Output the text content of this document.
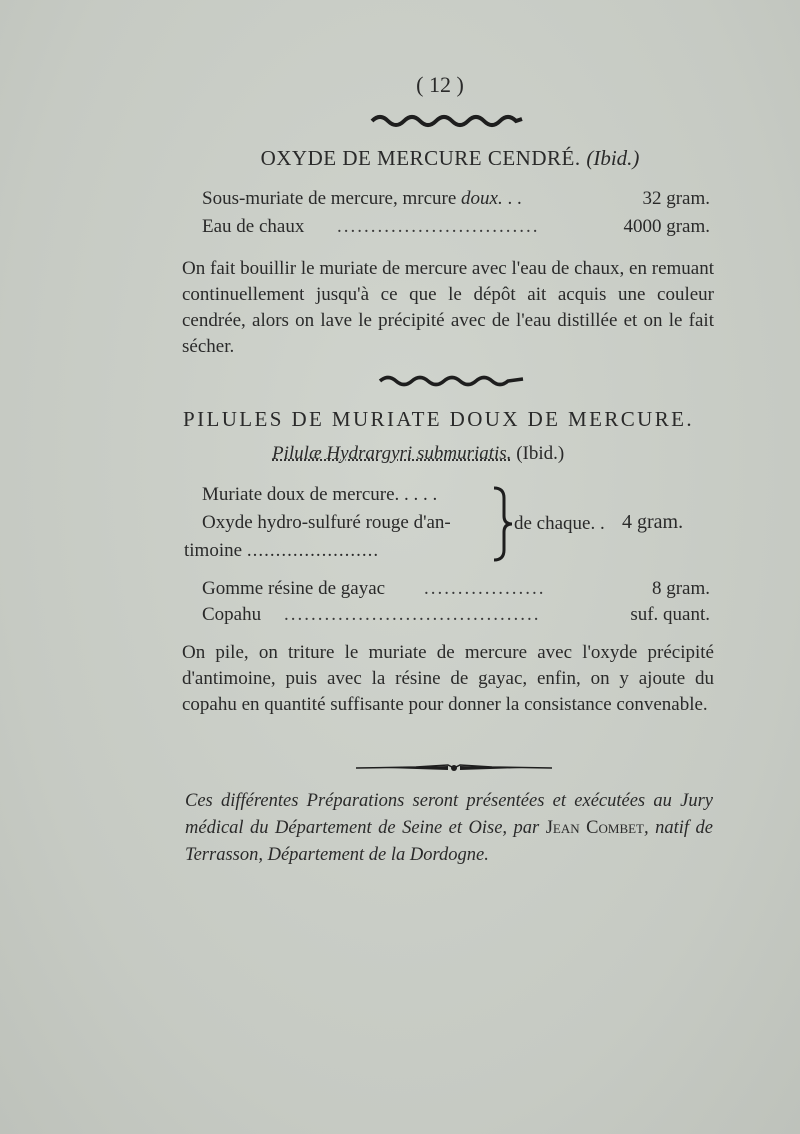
( 12 )
OXYDE DE MERCURE CENDRÉ. (Ibid.)
Sous-muriate de mercure, mrcure doux. . .	32 gram.
Eau de chaux ..............................	4000 gram.
On fait bouillir le muriate de mercure avec l'eau de chaux, en remuant continuellement jusqu'à ce que le dépôt ait acquis une couleur cendrée, alors on lave le précipité avec de l'eau distillée et on le fait sécher.
PILULES DE MURIATE DOUX DE MERCURE.
Pilulæ Hydrargyri submuriatis. (Ibid.)
Muriate doux de mercure. . . . .
Oxyde hydro-sulfuré rouge d'an-
timoine .......................
de chaque. . 4 gram.
Gomme résine de gayac ..................	8 gram.
Copahu ......................................	suf. quant.
On pile, on triture le muriate de mercure avec l'oxyde précipité d'antimoine, puis avec la résine de gayac, enfin, on y ajoute du copahu en quantité suffisante pour donner la consistance convenable.
Ces différentes Préparations seront présentées et exécutées au Jury médical du Département de Seine et Oise, par Jean Combet, natif de Terrasson, Département de la Dordogne.
